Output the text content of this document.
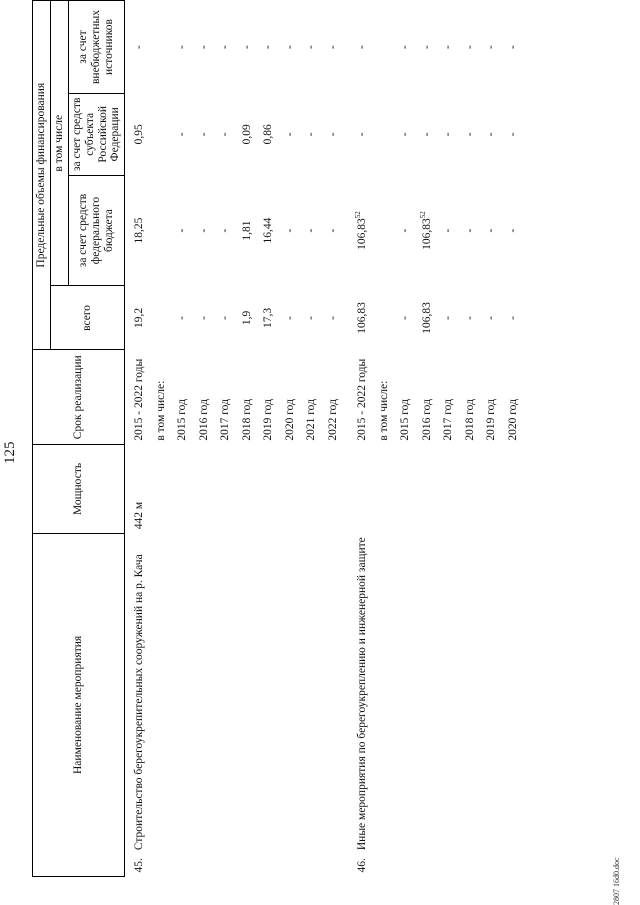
125
Наименование мероприятия		Мощность	Срок реализации	Предельные объемы финансирования			
				всего	в том числе		
					за счет средств федерального бюджета	за счет средств субъекта Российской Федерации	за счет внебюджетных источников
45.	Строительство берегоукрепительных сооружений на р. Кача	442 м	2015 - 2022 годы	19,2	18,25	0,95	-
			в том числе:				
			2015 год	-	-	-	-
			2016 год	-	-	-	-
			2017 год	-	-	-	-
			2018 год	1,9	1,81	0,09	-
			2019 год	17,3	16,44	0,86	-
			2020 год	-	-	-	-
			2021 год	-	-	-	-
			2022 год	-	-	-	-
46.	Иные мероприятия по берегоукреплению и инженерной защите		2015 - 2022 годы	106,83	106,83$^{52}$	-	-
			в том числе:				
			2015 год	-	-	-	-
			2016 год	106,83	106,83$^{52}$	-	-
			2017 год	-	-	-	-
			2018 год	-	-	-	-
			2019 год	-	-	-	-
			2020 год	-	-	-	-
2807 16d0.doc
